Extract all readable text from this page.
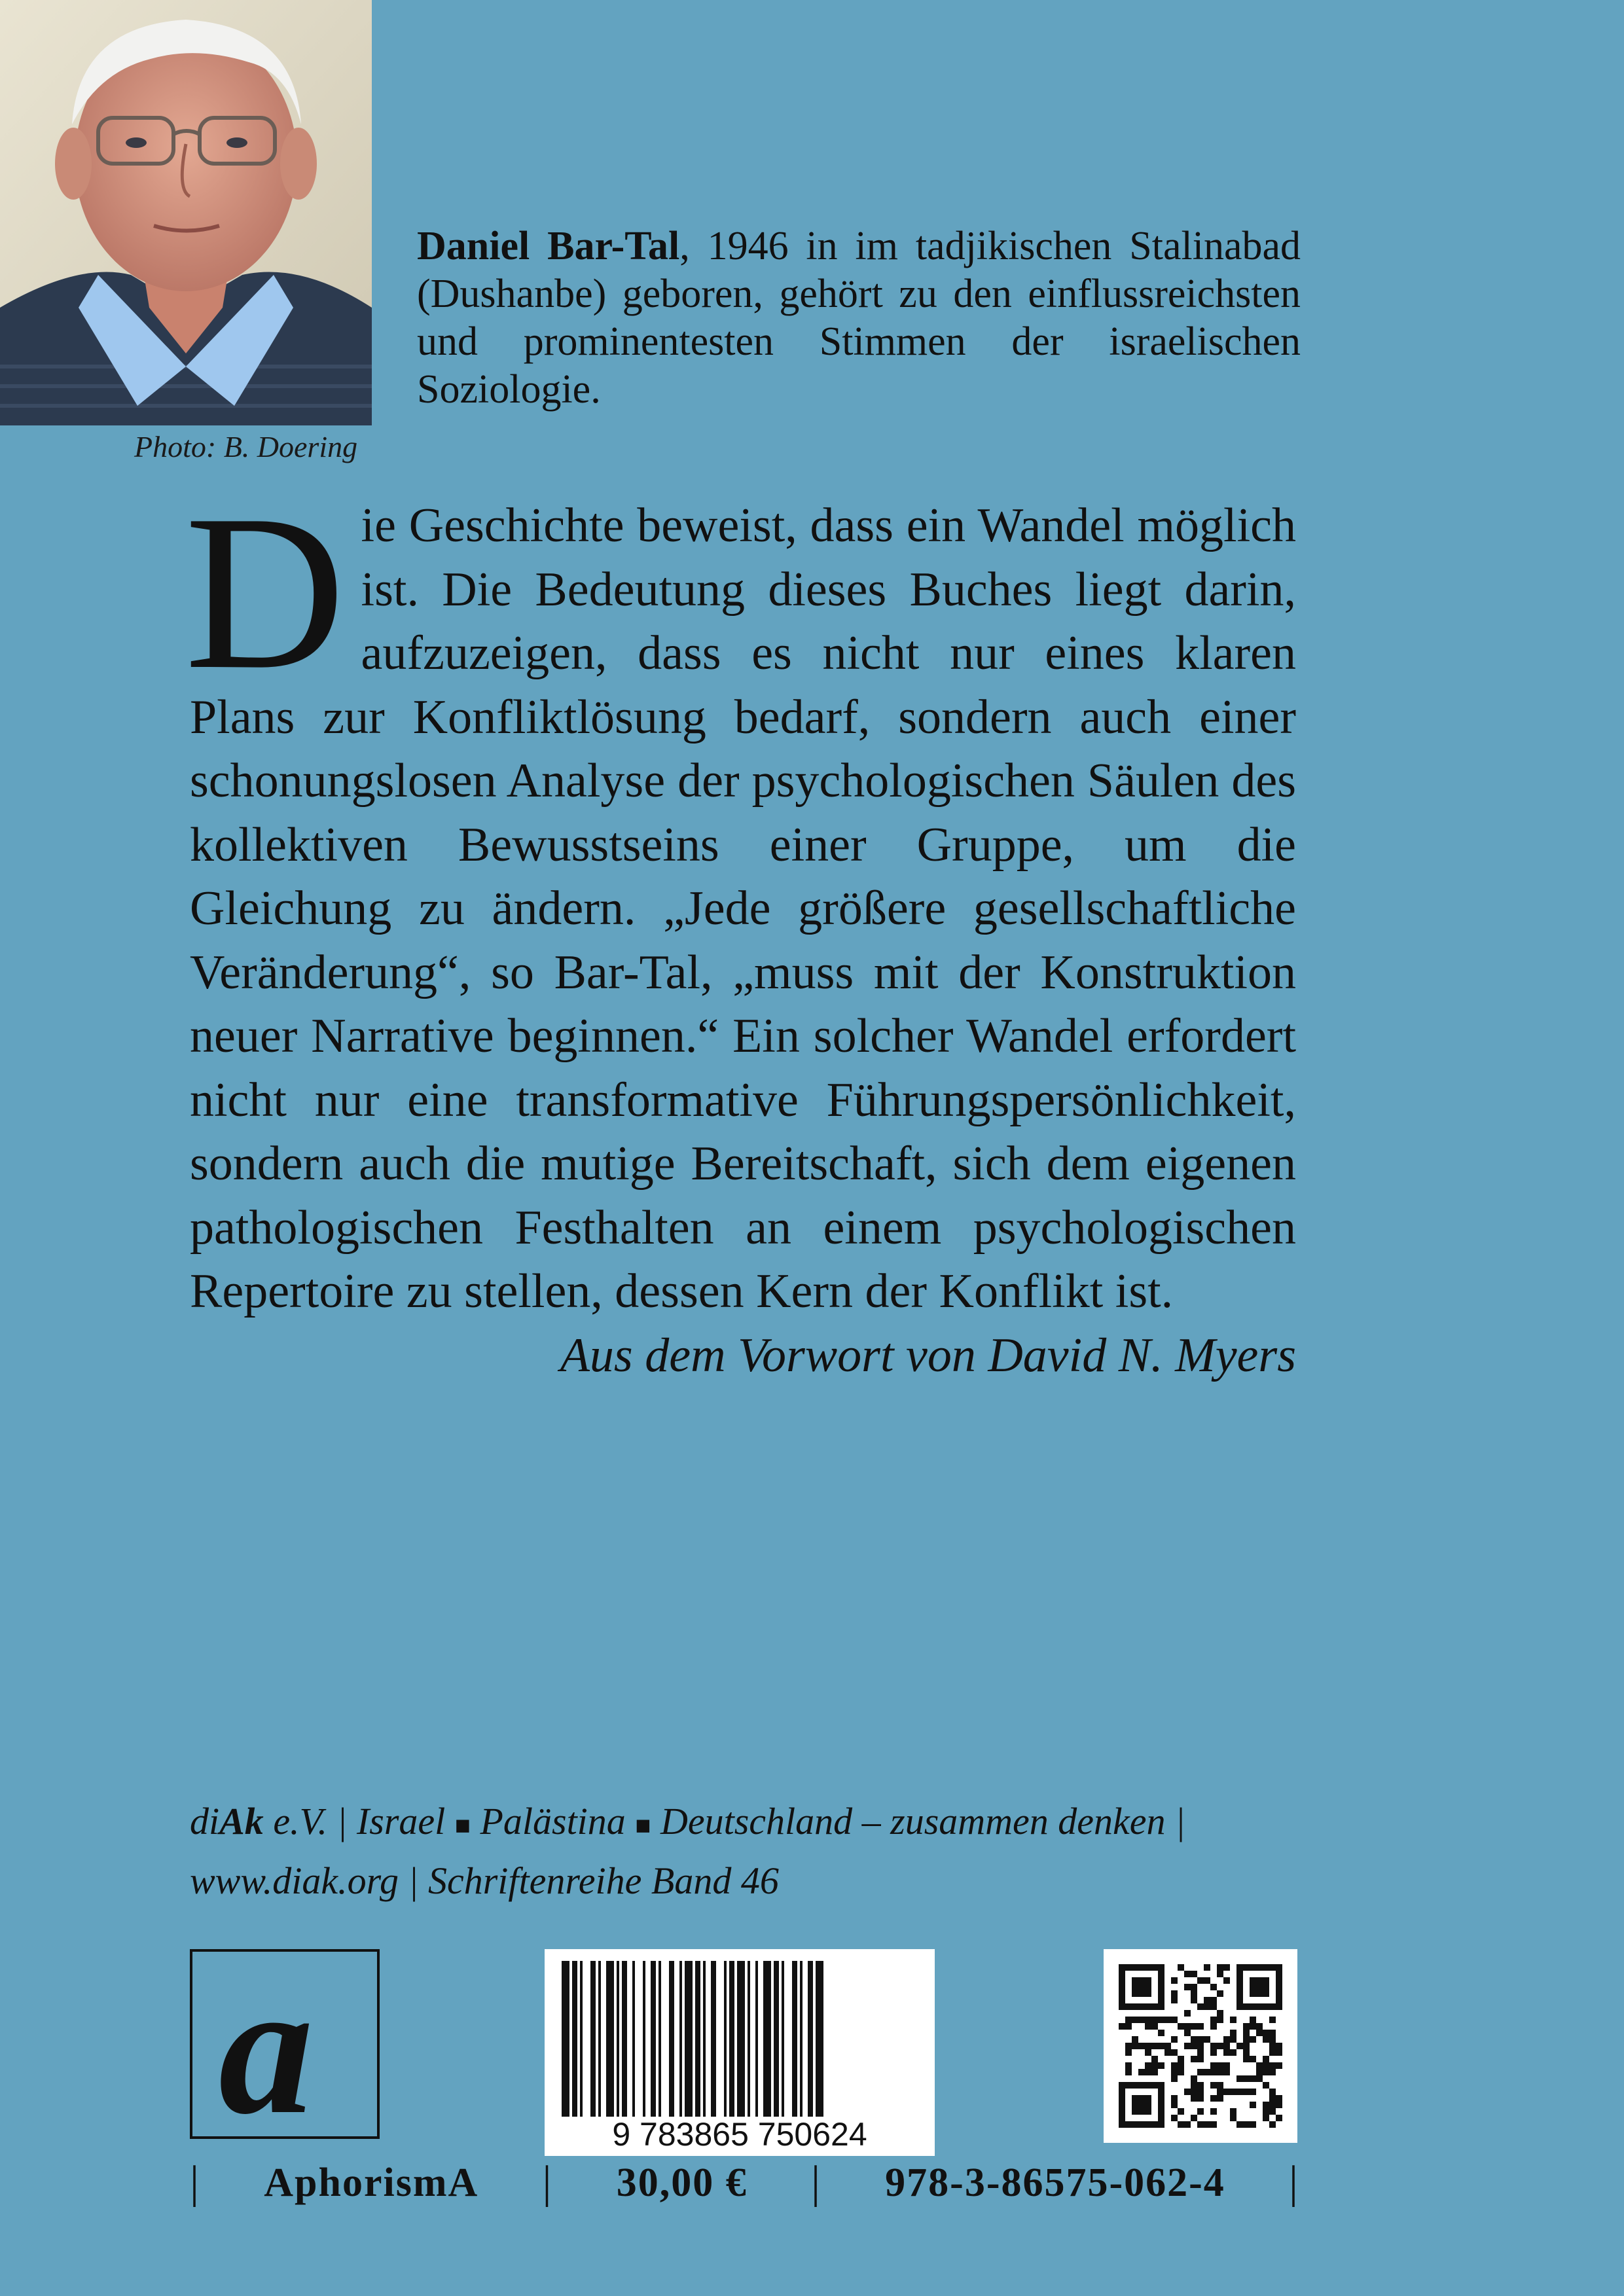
Photo: B. Doering
Daniel Bar-Tal, 1946 in im tadjikischen Stalinabad (Dushanbe) geboren, gehört zu den einflussreichsten und prominentesten Stimmen der israelischen Soziologie.
D ie Geschichte beweist, dass ein Wandel möglich ist. Die Bedeutung dieses Buches liegt darin, aufzuzeigen, dass es nicht nur eines klaren Plans zur Konfliktlösung bedarf, sondern auch einer schonungslosen Analyse der psychologischen Säulen des kollektiven Bewusstseins einer Gruppe, um die Gleichung zu ändern. „Jede größere gesellschaftliche Veränderung“, so Bar-Tal, „muss mit der Konstruktion neuer Narrative beginnen.“ Ein solcher Wandel erfordert nicht nur eine transformative Führungspersönlichkeit, sondern auch die mutige Bereitschaft, sich dem eigenen pathologischen Festhalten an einem psychologischen Repertoire zu stellen, dessen Kern der Konflikt ist.
Aus dem Vorwort von David N. Myers
diAk e.V. | Israel ■ Palästina ■ Deutschland – zusammen denken |
www.diak.org | Schriftenreihe Band 46
a	9 783865 750624
| AphorismA | 30,00 € | 978-3-86575-062-4 |
